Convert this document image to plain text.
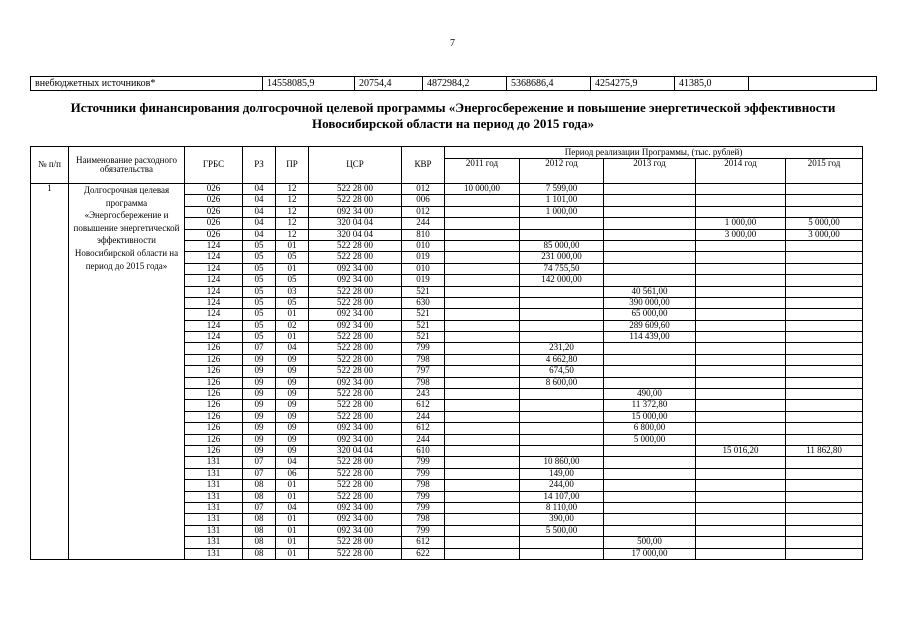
7
внебюджетных источников*	14558085,9	20754,4	4872984,2	5368686,4	4254275,9	41385,0	
Источники финансирования долгосрочной целевой программы «Энергосбережение и повышение энергетической эффективности Новосибирской области на период до 2015 года»
№ п/п	Наименование расходного обязательства	ГРБС	РЗ	ПР	ЦСР	КВР	Период реализации Программы, (тыс. рублей)				
							2011 год	2012 год	2013 год	2014 год	2015 год
1	Долгосрочная целевая программа «Энергосбережение и повышение энергетической эффективности Новосибирской области на период до 2015 года»	026	04	12	522 28 00	012	10 000,00	7 599,00			
		026	04	12	522 28 00	006		1 101,00			
		026	04	12	092 34 00	012		1 000,00			
		026	04	12	320 04 04	244				1 000,00	5 000,00
		026	04	12	320 04 04	810				3 000,00	3 000,00
		124	05	01	522 28 00	010		85 000,00			
		124	05	05	522 28 00	019		231 000,00			
		124	05	01	092 34 00	010		74 755,50			
		124	05	05	092 34 00	019		142 000,00			
		124	05	03	522 28 00	521			40 561,00		
		124	05	05	522 28 00	630			390 000,00		
		124	05	01	092 34 00	521			65 000,00		
		124	05	02	092 34 00	521			289 609,60		
		124	05	01	522 28 00	521			114 439,00		
		126	07	04	522 28 00	799		231,20			
		126	09	09	522 28 00	798		4 662,80			
		126	09	09	522 28 00	797		674,50			
		126	09	09	092 34 00	798		8 600,00			
		126	09	09	522 28 00	243			490,00		
		126	09	09	522 28 00	612			11 372,80		
		126	09	09	522 28 00	244			15 000,00		
		126	09	09	092 34 00	612			6 800,00		
		126	09	09	092 34 00	244			5 000,00		
		126	09	09	320 04 04	610				15 016,20	11 862,80
		131	07	04	522 28 00	799		10 860,00			
		131	07	06	522 28 00	799		149,00			
		131	08	01	522 28 00	798		244,00			
		131	08	01	522 28 00	799		14 107,00			
		131	07	04	092 34 00	799		8 110,00			
		131	08	01	092 34 00	798		390,00			
		131	08	01	092 34 00	799		5 500,00			
		131	08	01	522 28 00	612			500,00		
		131	08	01	522 28 00	622			17 000,00		
